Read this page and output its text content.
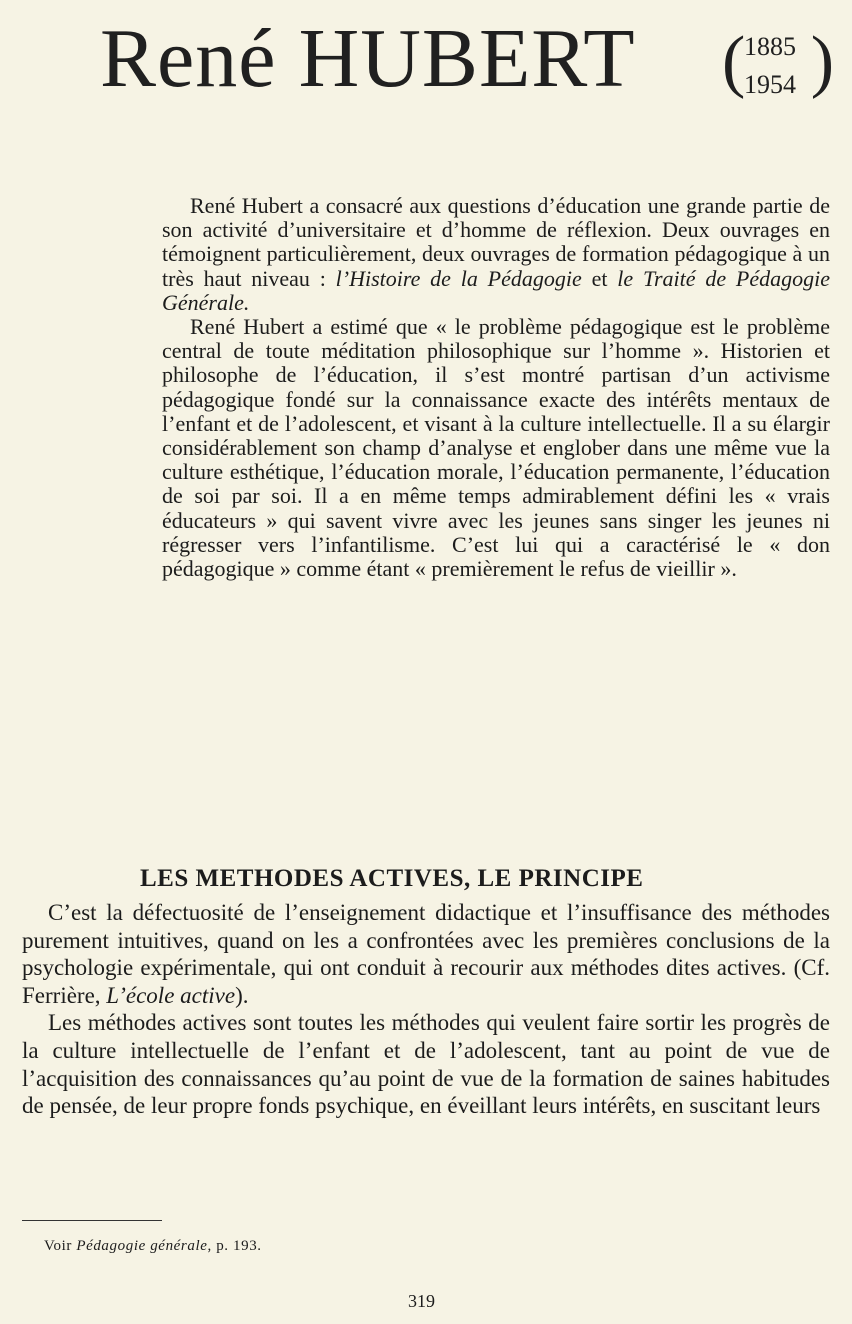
René HUBERT (
1885
1954 )

René Hubert a consacré aux questions d’éducation une grande partie de son activité d’universitaire et d’homme de réflexion. Deux ouvrages en témoignent particulièrement, deux ouvrages de formation pédagogique à un très haut niveau : l’Histoire de la Pédagogie et le Traité de Pédagogie Générale.

René Hubert a estimé que « le problème pédagogique est le problème central de toute méditation philosophique sur l’homme ». Historien et philosophe de l’éducation, il s’est montré partisan d’un activisme pédagogique fondé sur la connaissance exacte des intérêts mentaux de l’enfant et de l’adolescent, et visant à la culture intellectuelle. Il a su élargir considérablement son champ d’analyse et englober dans une même vue la culture esthétique, l’éducation morale, l’éducation permanente, l’éducation de soi par soi. Il a en même temps admirablement défini les « vrais éducateurs » qui savent vivre avec les jeunes sans singer les jeunes ni régresser vers l’infantilisme. C’est lui qui a caractérisé le « don pédagogique » comme étant « premièrement le refus de vieillir ».

LES METHODES ACTIVES, LE PRINCIPE

C’est la défectuosité de l’enseignement didactique et l’insuffisance des méthodes purement intuitives, quand on les a confrontées avec les premières conclusions de la psychologie expérimentale, qui ont conduit à recourir aux méthodes dites actives. (Cf. Ferrière, L’école active).

Les méthodes actives sont toutes les méthodes qui veulent faire sortir les progrès de la culture intellectuelle de l’enfant et de l’adolescent, tant au point de vue de l’acquisition des connaissances qu’au point de vue de la formation de saines habitudes de pensée, de leur propre fonds psychique, en éveillant leurs intérêts, en suscitant leurs

Voir Pédagogie générale, p. 193.
319
